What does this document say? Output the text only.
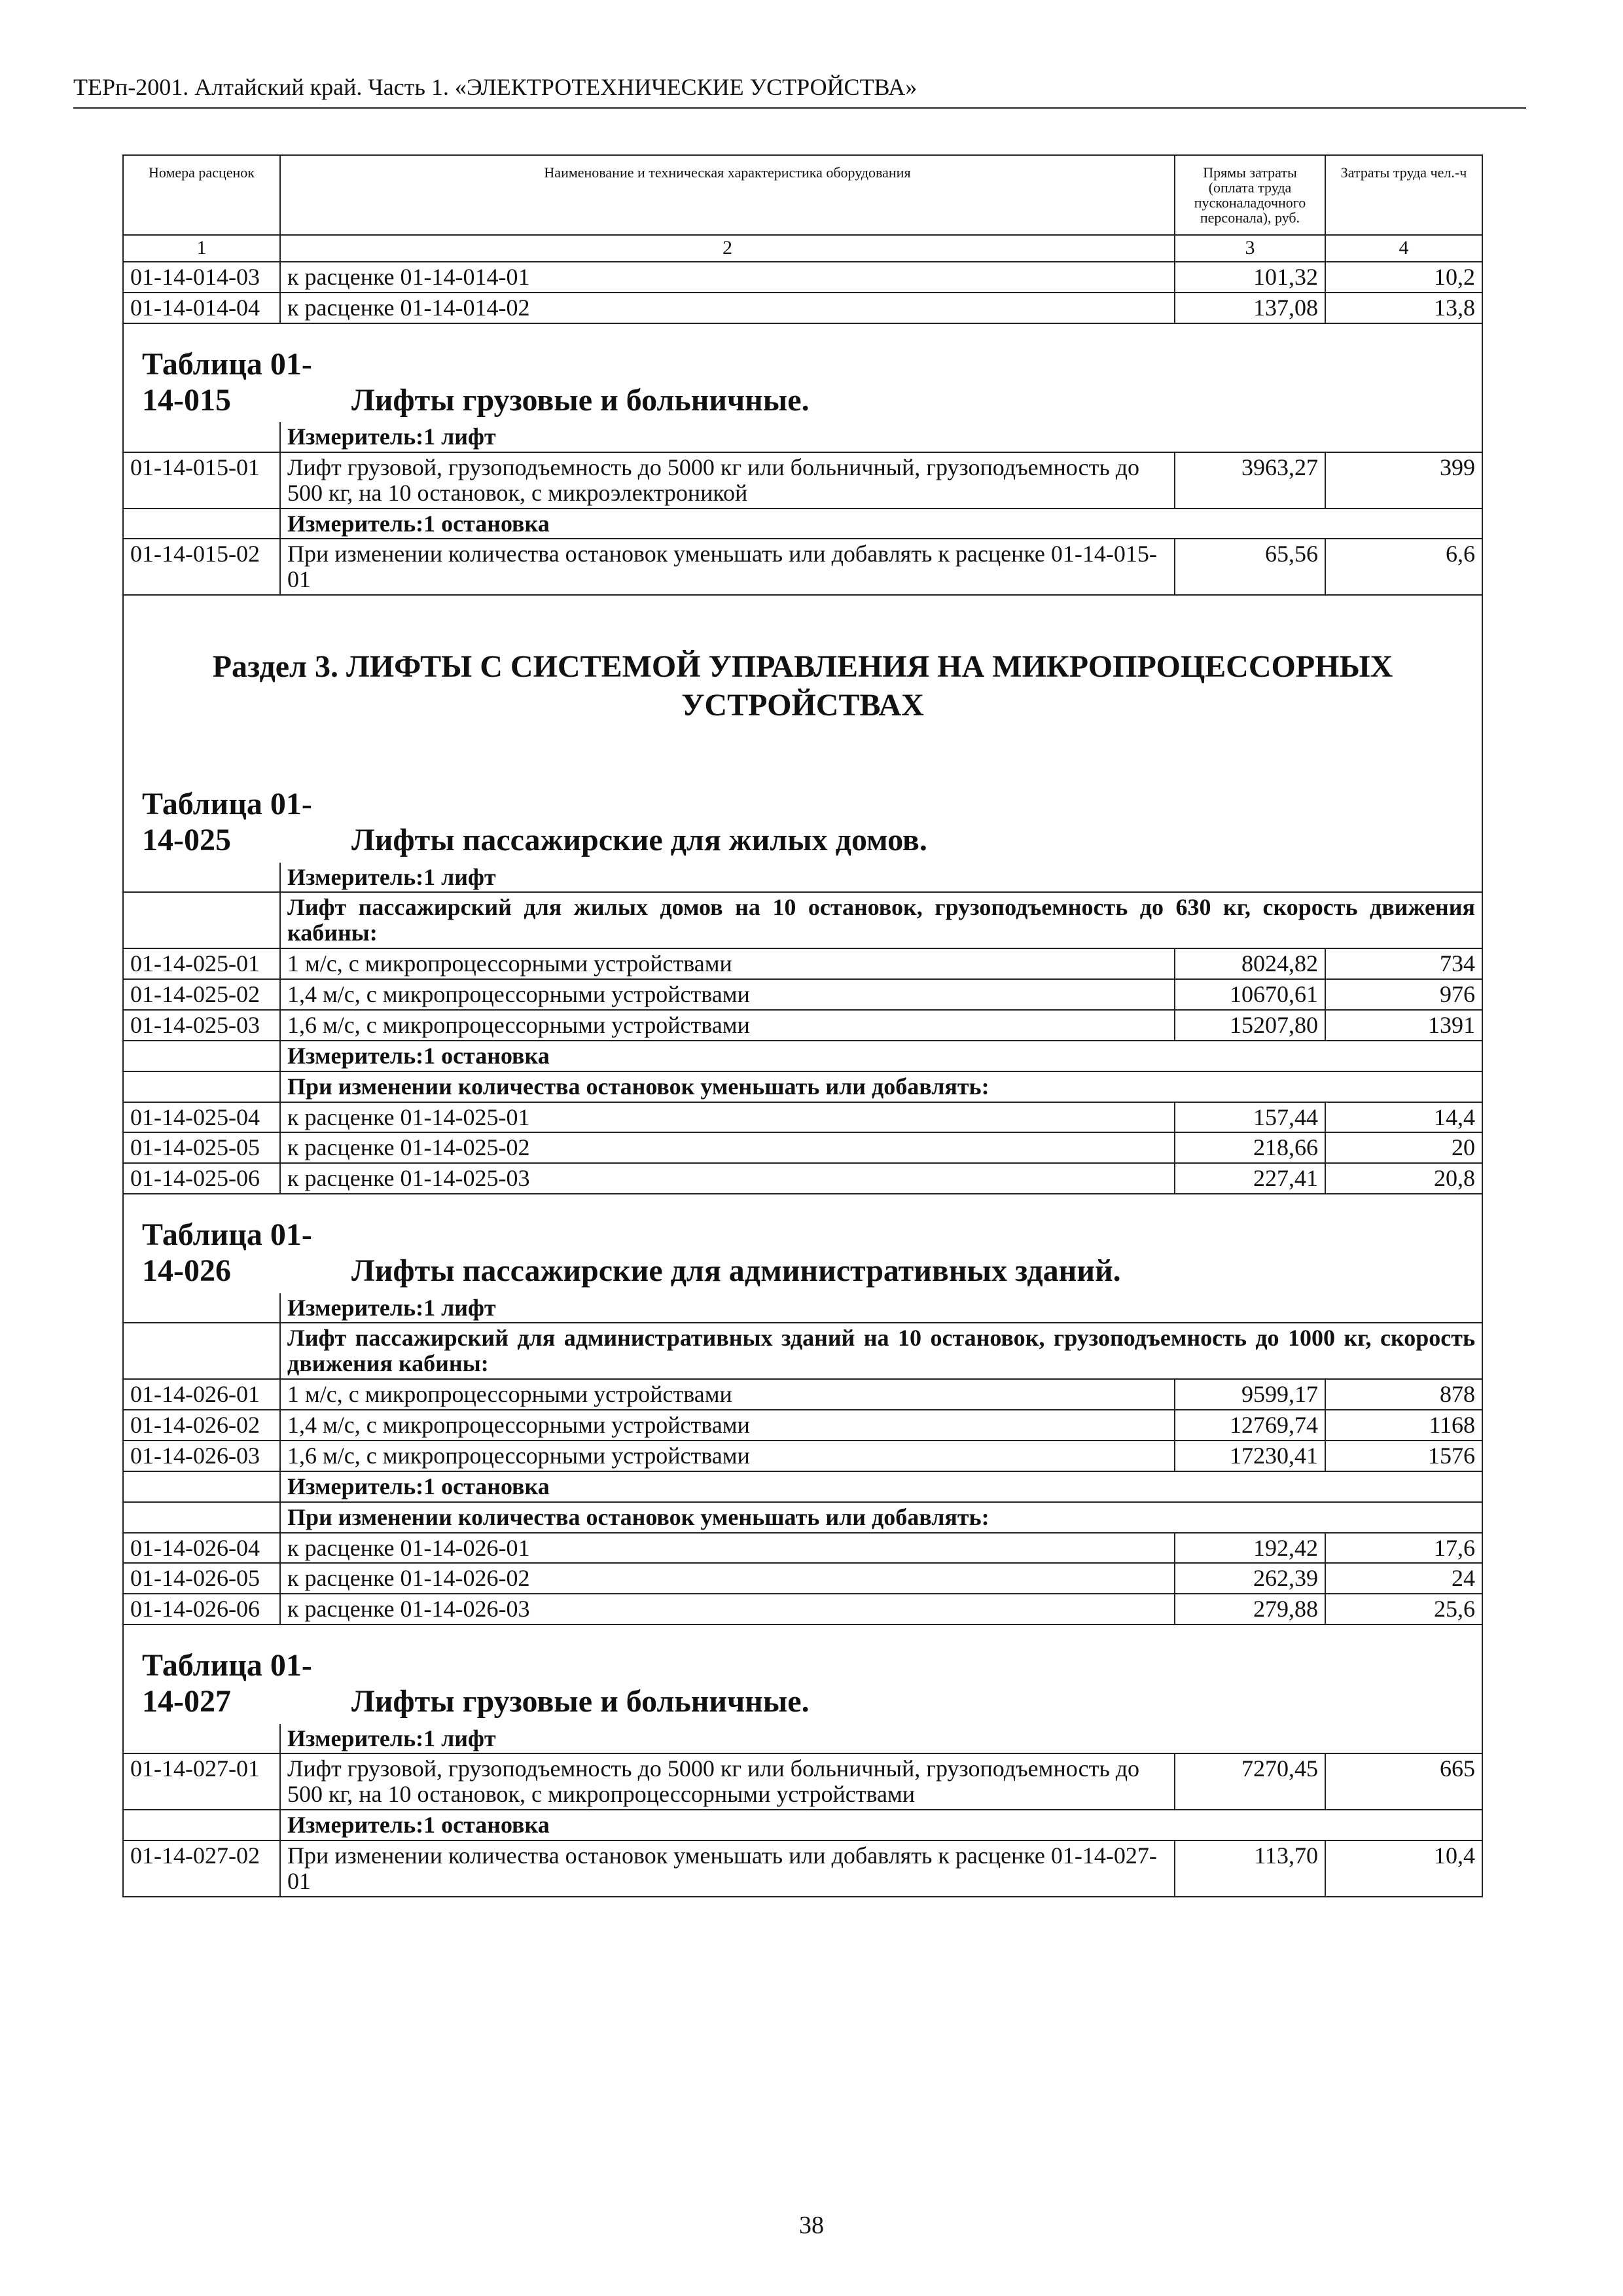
ТЕРп-2001. Алтайский край. Часть 1. «ЭЛЕКТРОТЕХНИЧЕСКИЕ УСТРОЙСТВА»
Номера расценок	Наименование и техническая характеристика оборудования	Прямы затраты (оплата труда пусконаладочного персонала), руб.	Затраты труда чел.-ч
1	2	3	4
01-14-014-03	к расценке 01-14-014-01	101,32	10,2
01-14-014-04	к расценке 01-14-014-02	137,08	13,8
Таблица 01-14-015 Лифты грузовые и больничные.			
	Измеритель:1 лифт		
01-14-015-01	Лифт грузовой, грузоподъемность до 5000 кг или больничный, грузоподъемность до 500 кг, на 10 остановок, с микроэлектроникой	3963,27	399
	Измеритель:1 остановка		
01-14-015-02	При изменении количества остановок уменьшать или добавлять к расценке 01-14-015-01	65,56	6,6
Раздел 3. ЛИФТЫ С СИСТЕМОЙ УПРАВЛЕНИЯ НА МИКРОПРОЦЕССОРНЫХ УСТРОЙСТВАХ			

Таблица 01-14-025 Лифты пассажирские для жилых домов.			
	Измеритель:1 лифт		
	Лифт пассажирский для жилых домов на 10 остановок, грузоподъемность до 630 кг, скорость движения кабины:		
01-14-025-01	1 м/с, с микропроцессорными устройствами	8024,82	734
01-14-025-02	1,4 м/с, с микропроцессорными устройствами	10670,61	976
01-14-025-03	1,6 м/с, с микропроцессорными устройствами	15207,80	1391
	Измеритель:1 остановка		
	При изменении количества остановок уменьшать или добавлять:		
01-14-025-04	к расценке 01-14-025-01	157,44	14,4
01-14-025-05	к расценке 01-14-025-02	218,66	20
01-14-025-06	к расценке 01-14-025-03	227,41	20,8
Таблица 01-14-026 Лифты пассажирские для административных зданий.			
	Измеритель:1 лифт		
	Лифт пассажирский для административных зданий на 10 остановок, грузоподъемность до 1000 кг, скорость движения кабины:		
01-14-026-01	1 м/с, с микропроцессорными устройствами	9599,17	878
01-14-026-02	1,4 м/с, с микропроцессорными устройствами	12769,74	1168
01-14-026-03	1,6 м/с, с микропроцессорными устройствами	17230,41	1576
	Измеритель:1 остановка		
	При изменении количества остановок уменьшать или добавлять:		
01-14-026-04	к расценке 01-14-026-01	192,42	17,6
01-14-026-05	к расценке 01-14-026-02	262,39	24
01-14-026-06	к расценке 01-14-026-03	279,88	25,6
Таблица 01-14-027 Лифты грузовые и больничные.			
	Измеритель:1 лифт		
01-14-027-01	Лифт грузовой, грузоподъемность до 5000 кг или больничный, грузоподъемность до 500 кг, на 10 остановок, с микропроцессорными устройствами	7270,45	665
	Измеритель:1 остановка		
01-14-027-02	При изменении количества остановок уменьшать или добавлять к расценке 01-14-027-01	113,70	10,4
38
